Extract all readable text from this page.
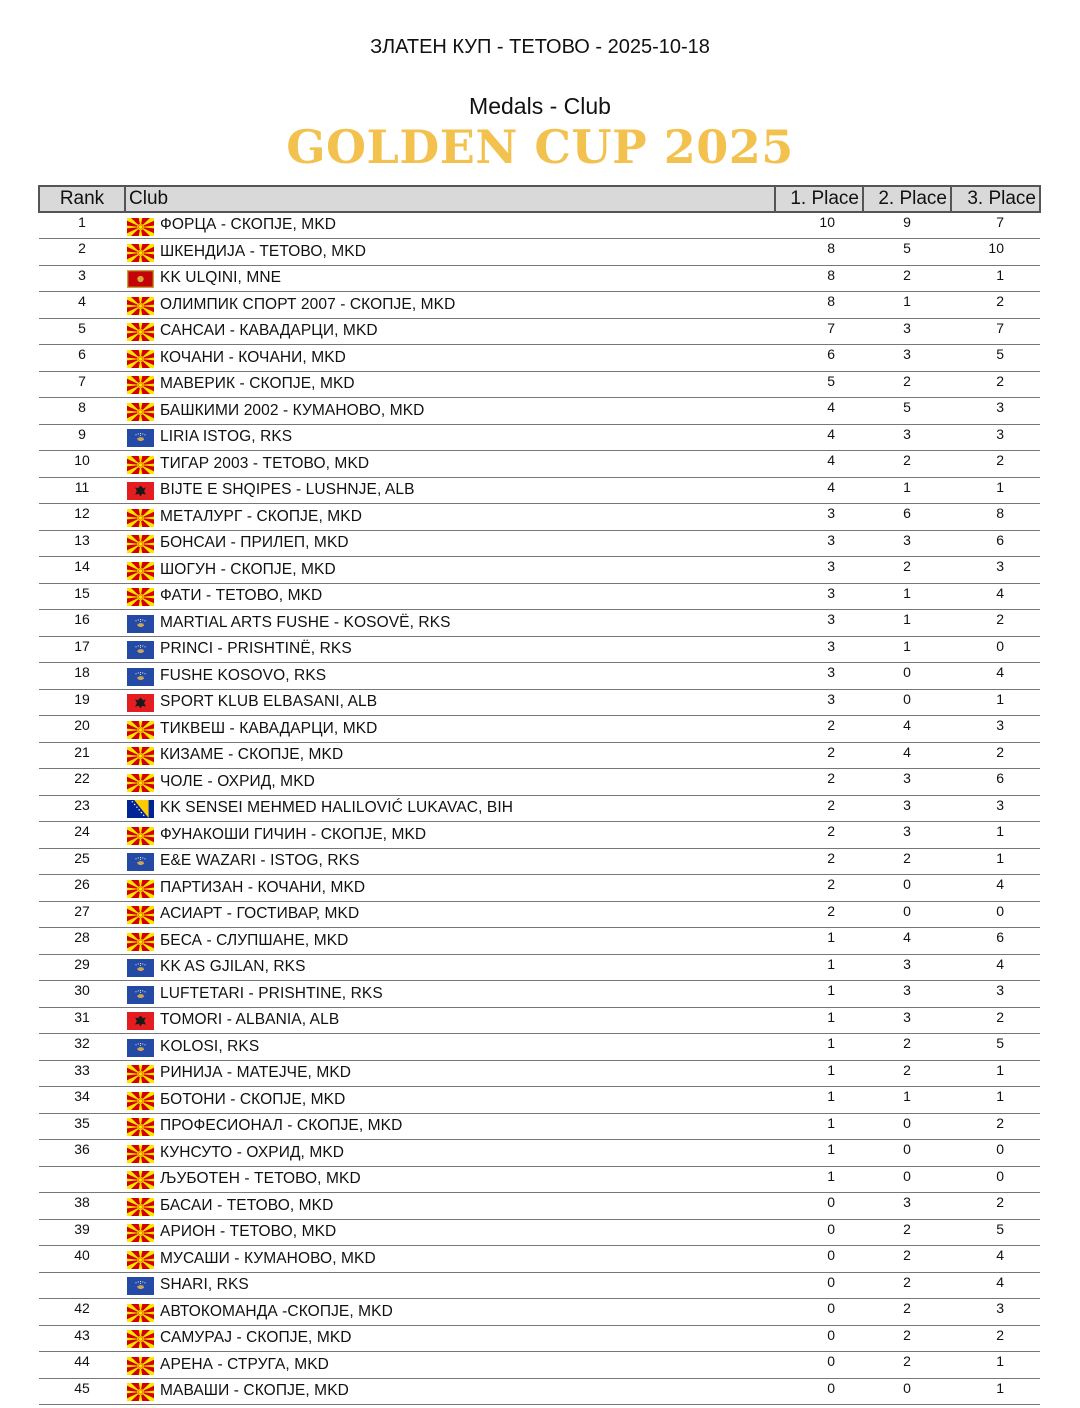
ЗЛАТЕН КУП - ТЕТОВО - 2025-10-18
Medals - Club
GOLDEN CUP 2025
Rank	Club	1. Place	2. Place	3. Place
1	ФОРЦА - СКОПЈЕ, MKD	10	9	7
2	ШКЕНДИЈА - ТЕТОВО, MKD	8	5	10
3	KK ULQINI, MNE	8	2	1
4	ОЛИМПИК СПОРТ 2007 - СКОПЈЕ, MKD	8	1	2
5	САНСАИ - КАВАДАРЦИ, MKD	7	3	7
6	КОЧАНИ - КОЧАНИ, MKD	6	3	5
7	МАВЕРИК - СКОПЈЕ, MKD	5	2	2
8	БАШКИМИ 2002 - КУМАНОВО, MKD	4	5	3
9	LIRIA ISTOG, RKS	4	3	3
10	ТИГАР 2003 - ТЕТОВО, MKD	4	2	2
11	BIJTE E SHQIPES - LUSHNJE, ALB	4	1	1
12	МЕТАЛУРГ - СКОПЈЕ, MKD	3	6	8
13	БОНСАИ - ПРИЛЕП, MKD	3	3	6
14	ШОГУН - СКОПЈЕ, MKD	3	2	3
15	ФАТИ - ТЕТОВО, MKD	3	1	4
16	MARTIAL ARTS FUSHE - KOSOVË, RKS	3	1	2
17	PRINCI - PRISHTINË, RKS	3	1	0
18	FUSHE KOSOVO, RKS	3	0	4
19	SPORT KLUB ELBASANI, ALB	3	0	1
20	ТИКВЕШ - КАВАДАРЦИ, MKD	2	4	3
21	КИЗАМЕ - СКОПЈЕ, MKD	2	4	2
22	ЧОЛЕ - ОХРИД, MKD	2	3	6
23	KK SENSEI MEHMED HALILOVIĆ LUKAVAC, BIH	2	3	3
24	ФУНАКОШИ ГИЧИН - СКОПЈЕ, MKD	2	3	1
25	E&E WAZARI - ISTOG, RKS	2	2	1
26	ПАРТИЗАН - КОЧАНИ, MKD	2	0	4
27	АСИАРТ - ГОСТИВАР, MKD	2	0	0
28	БЕСА - СЛУПШАНЕ, MKD	1	4	6
29	KK AS GJILAN, RKS	1	3	4
30	LUFTETARI - PRISHTINE, RKS	1	3	3
31	TOMORI - ALBANIA, ALB	1	3	2
32	KOLOSI, RKS	1	2	5
33	РИНИЈА - МАТЕЈЧЕ, MKD	1	2	1
34	БОТОНИ - СКОПЈЕ, MKD	1	1	1
35	ПРОФЕСИОНАЛ - СКОПЈЕ, MKD	1	0	2
36	КУНСУТО - ОХРИД, MKD	1	0	0
	ЉУБОТЕН - ТЕТОВО, MKD	1	0	0
38	БАСАИ - ТЕТОВО, MKD	0	3	2
39	АРИОН - ТЕТОВО, MKD	0	2	5
40	МУСАШИ - КУМАНОВО, MKD	0	2	4
	SHARI, RKS	0	2	4
42	АВТОКОМАНДА -СКОПЈЕ, MKD	0	2	3
43	САМУРАЈ - СКОПЈЕ, MKD	0	2	2
44	АРЕНА - СТРУГА, MKD	0	2	1
45	МАВАШИ - СКОПЈЕ, MKD	0	0	1
